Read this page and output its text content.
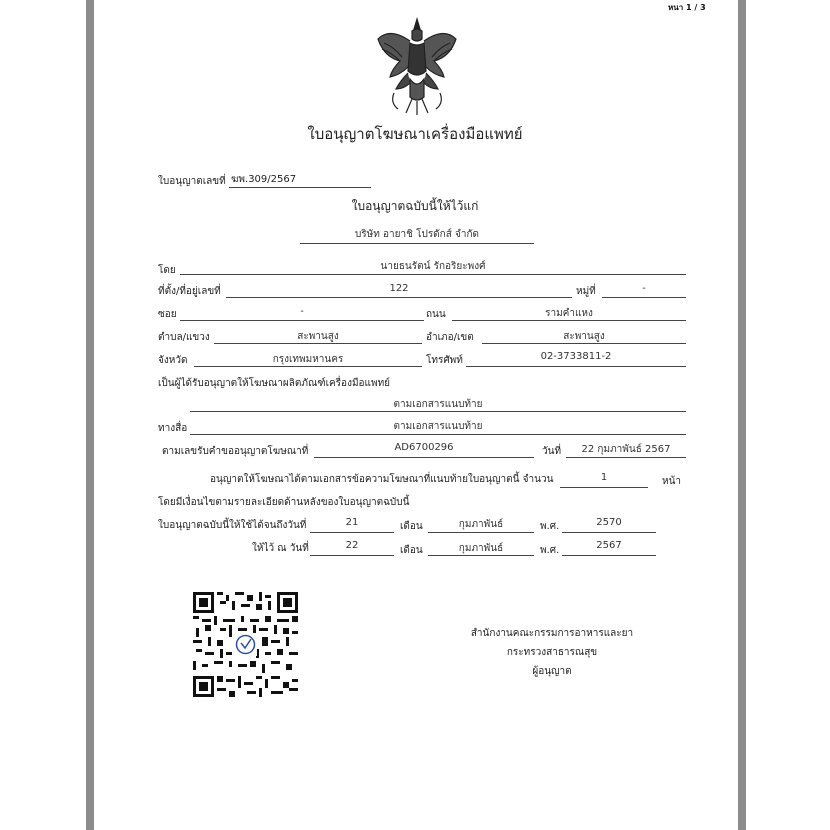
หนา 1 / 3
ใบอนุญาตโฆษณาเครื่องมือแพทย์
ใบอนุญาตเลขที่ ฆพ.309/2567
ใบอนุญาตฉบับนี้ให้ไว้แก่
บริษัท อายาชิ โปรดักส์ จำกัด
โดย	นายธนรัตน์ รักอริยะพงศ์
ที่ตั้ง/ที่อยู่เลขที่	122	หมู่ที่	-
ซอย	-	ถนน	รามคำแหง
ตำบล/แขวง	สะพานสูง	อำเภอ/เขต	สะพานสูง
จังหวัด	กรุงเทพมหานคร	โทรศัพท์	02-3733811-2
เป็นผู้ได้รับอนุญาตให้โฆษณาผลิตภัณฑ์เครื่องมือแพทย์
ตามเอกสารแนบท้าย
ทางสื่อ	ตามเอกสารแนบท้าย
ตามเลขรับคำขออนุญาตโฆษณาที่	AD6700296	วันที่	22 กุมภาพันธ์ 2567
อนุญาตให้โฆษณาได้ตามเอกสารข้อความโฆษณาที่แนบท้ายใบอนุญาตนี้ จำนวน	1	หน้า
โดยมีเงื่อนไขตามรายละเอียดด้านหลังของใบอนุญาตฉบับนี้
ใบอนุญาตฉบับนี้ให้ใช้ได้จนถึงวันที่	21	เดือน	กุมภาพันธ์	พ.ศ.	2570
ให้ไว้ ณ วันที่	22	เดือน	กุมภาพันธ์	พ.ศ.	2567
สำนักงานคณะกรรมการอาหารและยา
กระทรวงสาธารณสุข
ผู้อนุญาต
